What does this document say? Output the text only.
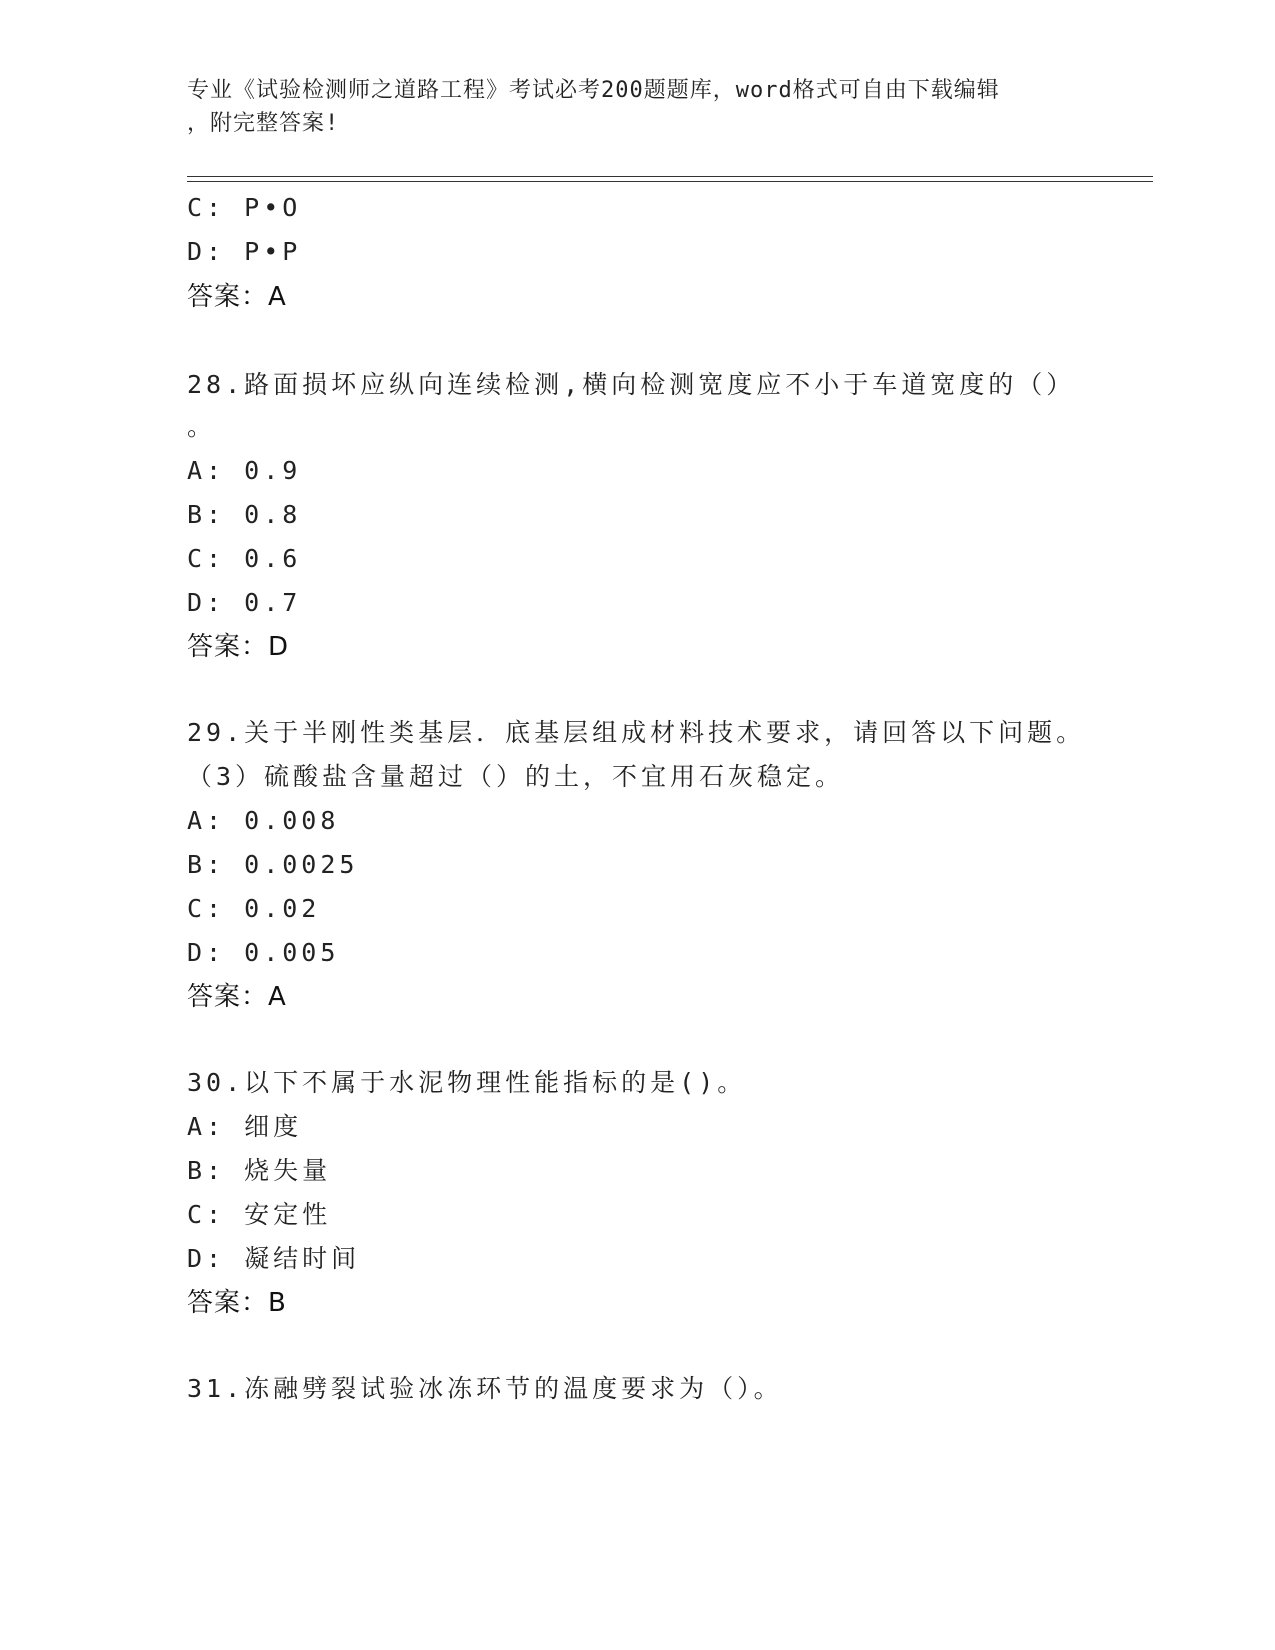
专业《试验检测师之道路工程》考试必考200题题库，word格式可自由下载编辑
，附完整答案!
C: P•O
D: P•P
答案：A
28.路面损坏应纵向连续检测,横向检测宽度应不小于车道宽度的（）
。
A: 0.9
B: 0.8
C: 0.6
D: 0.7
答案：D
29.关于半刚性类基层．底基层组成材料技术要求，请回答以下问题。
（3）硫酸盐含量超过（）的土，不宜用石灰稳定。
A: 0.008
B: 0.0025
C: 0.02
D: 0.005
答案：A
30.以下不属于水泥物理性能指标的是()。
A: 细度
B: 烧失量
C: 安定性
D: 凝结时间
答案：B
31.冻融劈裂试验冰冻环节的温度要求为（）。
